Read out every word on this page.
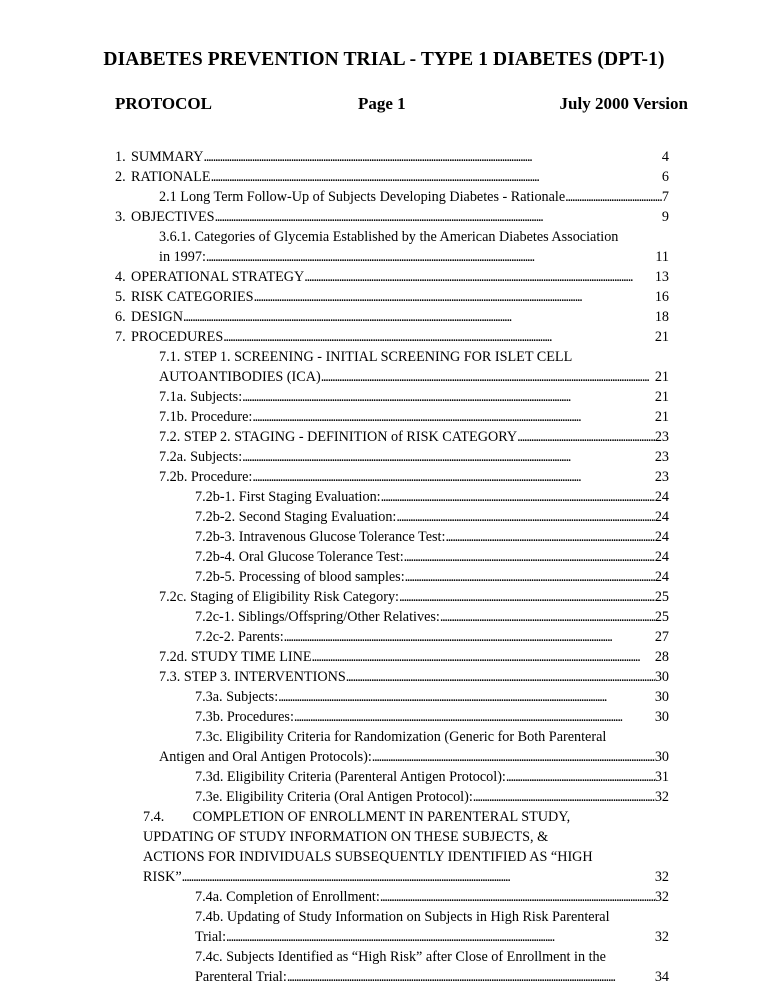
DIABETES PREVENTION TRIAL - TYPE 1 DIABETES (DPT-1)
PROTOCOL	Page 1	July 2000 Version
1. SUMMARY . . .	4
2. RATIONALE . . .	6
2.1 Long Term Follow-Up of Subjects Developing Diabetes - Rationale . . .	7
3. OBJECTIVES . . .	9
3.6.1. Categories of Glycemia Established by the American Diabetes Association
in 1997: . . .	11
4. OPERATIONAL STRATEGY . . .	13
5. RISK CATEGORIES . . .	16
6. DESIGN . . .	18
7. PROCEDURES . . .	21
7.1. STEP 1. SCREENING - INITIAL SCREENING FOR ISLET CELL
AUTOANTIBODIES (ICA) . . .	21
7.1a. Subjects: . . .	21
7.1b. Procedure: . . .	21
7.2. STEP 2. STAGING - DEFINITION of RISK CATEGORY . . .	23
7.2a. Subjects: . . .	23
7.2b. Procedure: . . .	23
7.2b-1. First Staging Evaluation: . . .	24
7.2b-2. Second Staging Evaluation: . . .	24
7.2b-3. Intravenous Glucose Tolerance Test: . . .	24
7.2b-4. Oral Glucose Tolerance Test: . . .	24
7.2b-5. Processing of blood samples: . . .	24
7.2c. Staging of Eligibility Risk Category: . . .	25
7.2c-1. Siblings/Offspring/Other Relatives: . . .	25
7.2c-2. Parents: . . .	27
7.2d. STUDY TIME LINE . . .	28
7.3. STEP 3. INTERVENTIONS . . .	30
7.3a. Subjects: . . .	30
7.3b. Procedures: . . .	30
7.3c. Eligibility Criteria for Randomization (Generic for Both Parenteral
Antigen and Oral Antigen Protocols): . . .	30
7.3d. Eligibility Criteria (Parenteral Antigen Protocol): . . .	31
7.3e. Eligibility Criteria (Oral Antigen Protocol): . . .	32
7.4.        COMPLETION OF ENROLLMENT IN PARENTERAL STUDY,
UPDATING OF STUDY INFORMATION ON THESE SUBJECTS, &
ACTIONS FOR INDIVIDUALS SUBSEQUENTLY IDENTIFIED AS “HIGH
RISK” . . .	32
7.4a. Completion of Enrollment: . . .	32
7.4b. Updating of Study Information on Subjects in High Risk Parenteral
Trial: . . .	32
7.4c. Subjects Identified as “High Risk” after Close of Enrollment in the
Parenteral Trial: . . .	34
